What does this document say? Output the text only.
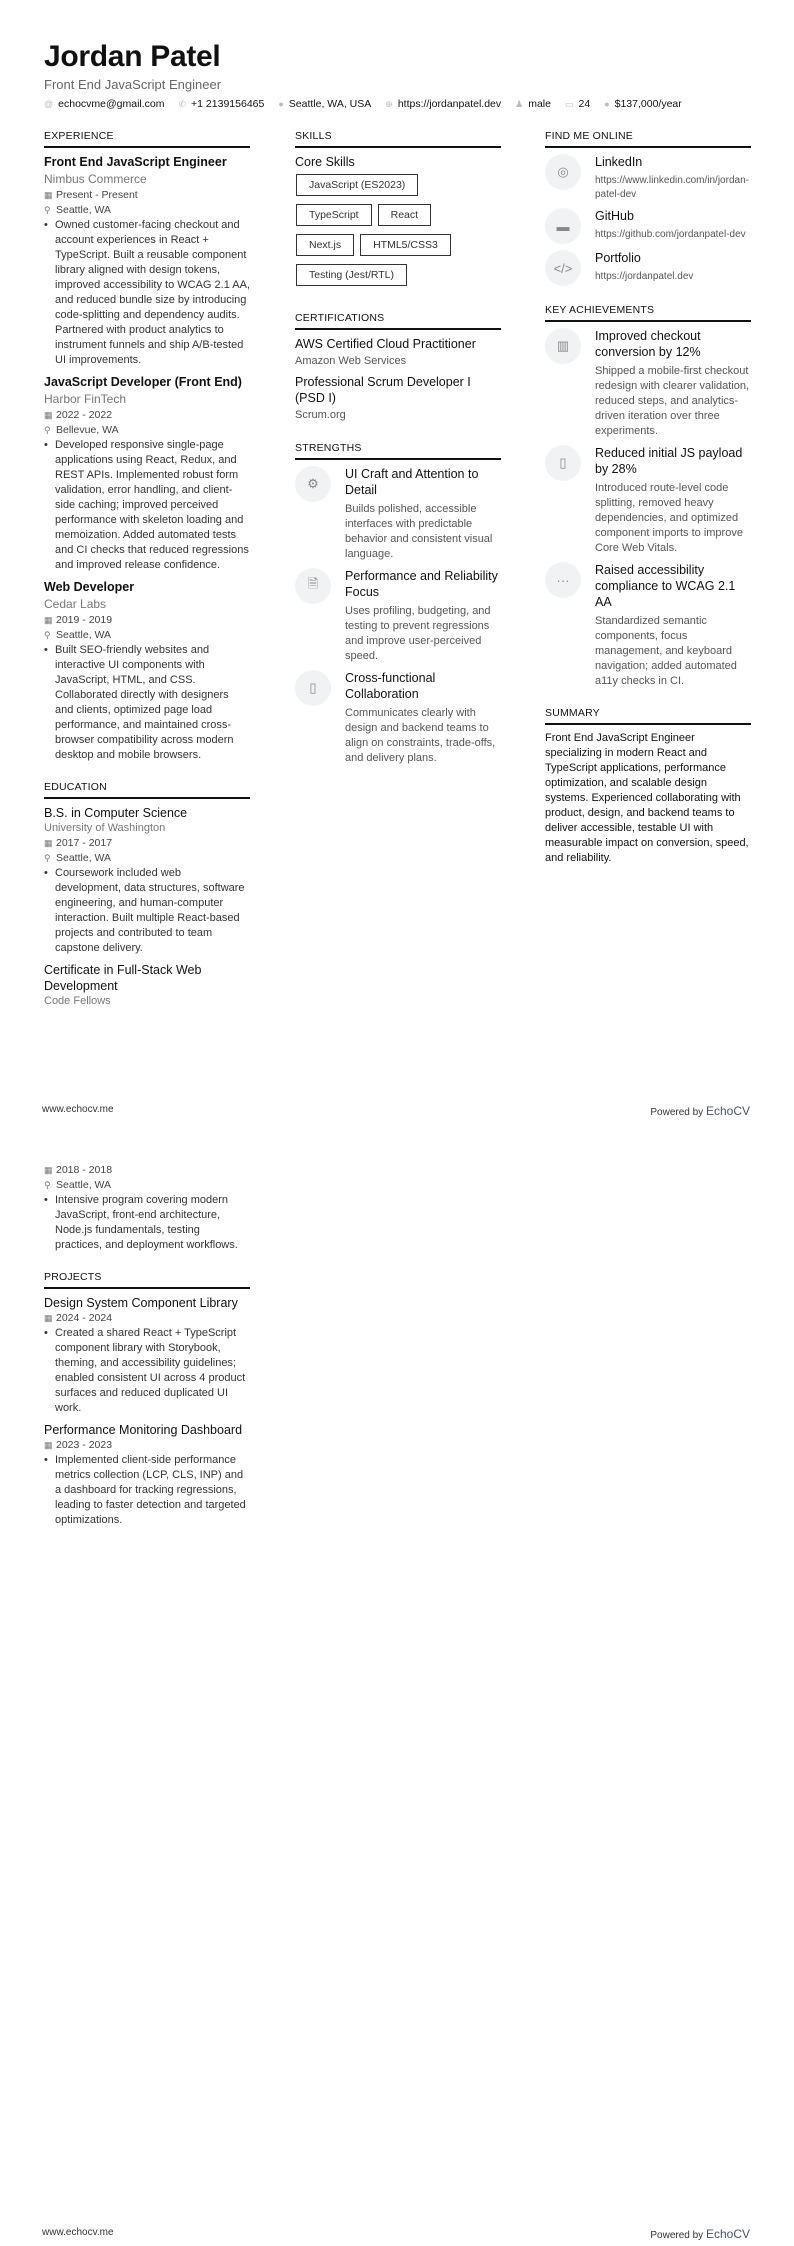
Jordan Patel
Front End JavaScript Engineer
@ echocvme@gmail.com ✆ +1 2139156465 ● Seattle, WA, USA ⊕ https://jordanpatel.dev ♟ male ▭ 24 ● $137,000/year
EXPERIENCE
Front End JavaScript Engineer
Nimbus Commerce
▦ Present - Present
⚲ Seattle, WA
• Owned customer-facing checkout and account experiences in React + TypeScript. Built a reusable component library aligned with design tokens, improved accessibility to WCAG 2.1 AA, and reduced bundle size by introducing code-splitting and dependency audits. Partnered with product analytics to instrument funnels and ship A/B-tested UI improvements.
JavaScript Developer (Front End)
Harbor FinTech
▦ 2022 - 2022
⚲ Bellevue, WA
• Developed responsive single-page applications using React, Redux, and REST APIs. Implemented robust form validation, error handling, and client-side caching; improved perceived performance with skeleton loading and memoization. Added automated tests and CI checks that reduced regressions and improved release confidence.
Web Developer
Cedar Labs
▦ 2019 - 2019
⚲ Seattle, WA
• Built SEO-friendly websites and interactive UI components with JavaScript, HTML, and CSS. Collaborated directly with designers and clients, optimized page load performance, and maintained cross-browser compatibility across modern desktop and mobile browsers.
EDUCATION
B.S. in Computer Science
University of Washington
▦ 2017 - 2017
⚲ Seattle, WA
• Coursework included web development, data structures, software engineering, and human-computer interaction. Built multiple React-based projects and contributed to team capstone delivery.
Certificate in Full-Stack Web Development
Code Fellows
SKILLS
Core Skills
JavaScript (ES2023)
TypeScript	React
Next.js	HTML5/CSS3
Testing (Jest/RTL)
CERTIFICATIONS
AWS Certified Cloud Practitioner
Amazon Web Services
Professional Scrum Developer I (PSD I)
Scrum.org
STRENGTHS
⚙
UI Craft and Attention to Detail
Builds polished, accessible interfaces with predictable behavior and consistent visual language.
🗎	Performance and Reliability Focus
Uses profiling, budgeting, and testing to prevent regressions and improve user-perceived speed.
▯
Cross-functional Collaboration
Communicates clearly with design and backend teams to align on constraints, trade-offs, and delivery plans.
FIND ME ONLINE
◎
LinkedIn
https://www.linkedin.com/in/jordan-patel-dev
▬
GitHub
https://github.com/jordanpatel-dev
</>
Portfolio
https://jordanpatel.dev
KEY ACHIEVEMENTS
▥
Improved checkout conversion by 12%
Shipped a mobile-first checkout redesign with clearer validation, reduced steps, and analytics-driven iteration over three experiments.
▯
Reduced initial JS payload by 28%
Introduced route-level code splitting, removed heavy dependencies, and optimized component imports to improve Core Web Vitals.
···
Raised accessibility compliance to WCAG 2.1 AA
Standardized semantic components, focus management, and keyboard navigation; added automated a11y checks in CI.
SUMMARY
Front End JavaScript Engineer specializing in modern React and TypeScript applications, performance optimization, and scalable design systems. Experienced collaborating with product, design, and backend teams to deliver accessible, testable UI with measurable impact on conversion, speed, and reliability.
www.echocv.me	Powered by EchoCV
▦ 2018 - 2018
⚲ Seattle, WA
• Intensive program covering modern JavaScript, front-end architecture, Node.js fundamentals, testing practices, and deployment workflows.
PROJECTS
Design System Component Library
▦ 2024 - 2024
• Created a shared React + TypeScript component library with Storybook, theming, and accessibility guidelines; enabled consistent UI across 4 product surfaces and reduced duplicated UI work.
Performance Monitoring Dashboard
▦ 2023 - 2023
• Implemented client-side performance metrics collection (LCP, CLS, INP) and a dashboard for tracking regressions, leading to faster detection and targeted optimizations.
www.echocv.me	Powered by EchoCV
